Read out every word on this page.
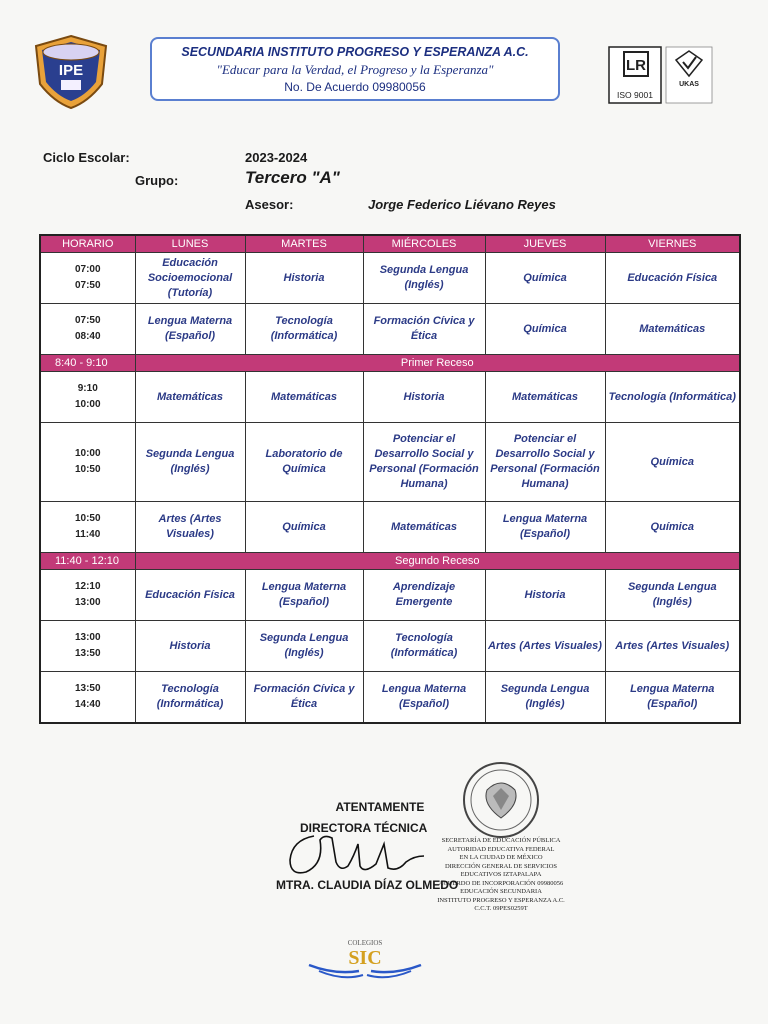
IPE
SECUNDARIA INSTITUTO PROGRESO Y ESPERANZA A.C.
"Educar para la Verdad, el Progreso y la Esperanza"
No. De Acuerdo 09980056
LR
ISO 9001
UKAS
Ciclo Escolar:	2023-2024
Grupo:	Tercero "A"
Asesor:	Jorge Federico Liévano Reyes
HORARIO	LUNES	MARTES	MIÉRCOLES	JUEVES	VIERNES

07:00
07:50	Educación Socioemocional (Tutoría)	Historia	Segunda Lengua (Inglés)	Química	Educación Física

07:50
08:40	Lengua Materna (Español)	Tecnología (Informática)	Formación Cívica y Ética	Química	Matemáticas
8:40 - 9:10	Primer Receso				

9:10
10:00	Matemáticas	Matemáticas	Historia	Matemáticas	Tecnología (Informática)

10:00
10:50	Segunda Lengua (Inglés)	Laboratorio de Química	Potenciar el Desarrollo Social y Personal (Formación Humana)	Potenciar el Desarrollo Social y Personal (Formación Humana)	Química

10:50
11:40	Artes (Artes Visuales)	Química	Matemáticas	Lengua Materna (Español)	Química
11:40 - 12:10	Segundo Receso				

12:10
13:00	Educación Física	Lengua Materna (Español)	Aprendizaje Emergente	Historia	Segunda Lengua (Inglés)

13:00
13:50	Historia	Segunda Lengua (Inglés)	Tecnología (Informática)	Artes (Artes Visuales)	Artes (Artes Visuales)

13:50
14:40	Tecnología (Informática)	Formación Cívica y Ética	Lengua Materna (Español)	Segunda Lengua (Inglés)	Lengua Materna (Español)
ATENTAMENTE
DIRECTORA TÉCNICA
MTRA. CLAUDIA DÍAZ OLMEDO
SECRETARÍA DE EDUCACIÓN PÚBLICA
AUTORIDAD EDUCATIVA FEDERAL
EN LA CIUDAD DE MÉXICO
DIRECCIÓN GENERAL DE SERVICIOS
EDUCATIVOS IZTAPALAPA
ACUERDO DE INCORPORACIÓN 09980056
EDUCACIÓN SECUNDARIA
INSTITUTO PROGRESO Y ESPERANZA A.C.
C.C.T. 09PES0259T
COLEGIOS
SIC
